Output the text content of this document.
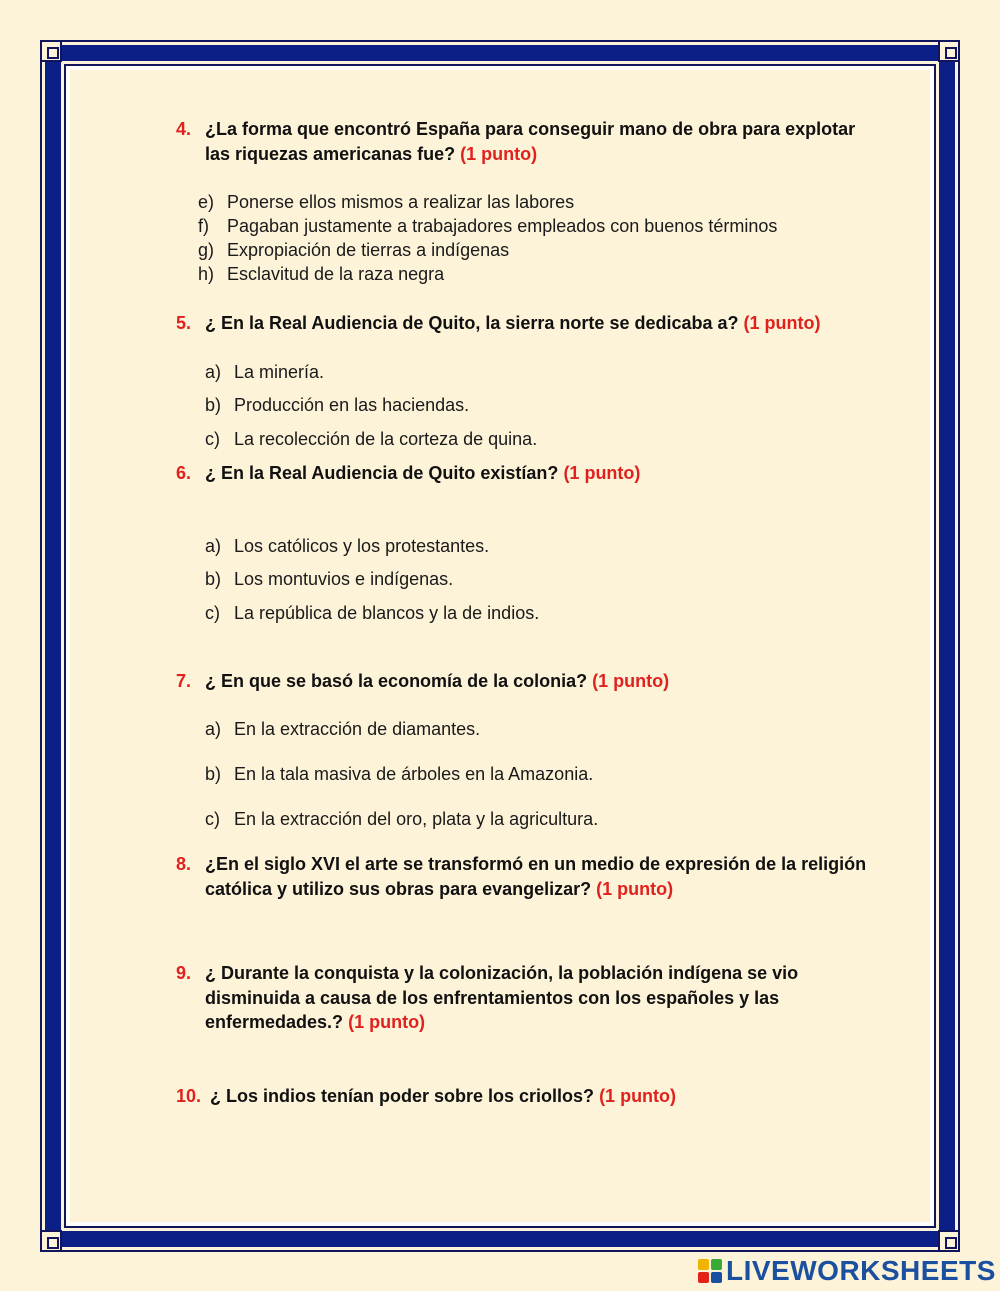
4. ¿La forma que encontró España para conseguir mano de obra para explotar las riquezas americanas fue? (1 punto)
e) Ponerse ellos mismos a realizar las labores
f) Pagaban justamente a trabajadores empleados con buenos términos
g) Expropiación de tierras a indígenas
h) Esclavitud de la raza negra
5. ¿ En la Real Audiencia de Quito, la sierra norte se dedicaba a? (1 punto)
a) La minería.
b) Producción en las haciendas.
c) La recolección de la corteza de quina.
6. ¿ En la Real Audiencia de Quito existían? (1 punto)
a) Los católicos y los protestantes.
b) Los montuvios e indígenas.
c) La república de blancos y la de indios.
7. ¿ En que se basó la economía de la colonia? (1 punto)
a) En la extracción de diamantes.
b) En la tala masiva de árboles en la Amazonia.
c) En la extracción del oro, plata y la agricultura.
8. ¿En el siglo XVI el arte se transformó en un medio de expresión de la religión católica y utilizo sus obras para evangelizar? (1 punto)
9. ¿ Durante la conquista y la colonización, la población indígena se vio disminuida a causa de los enfrentamientos con los españoles y las enfermedades.? (1 punto)
10. ¿ Los indios tenían poder sobre los criollos? (1 punto)
LIVEWORKSHEETS
